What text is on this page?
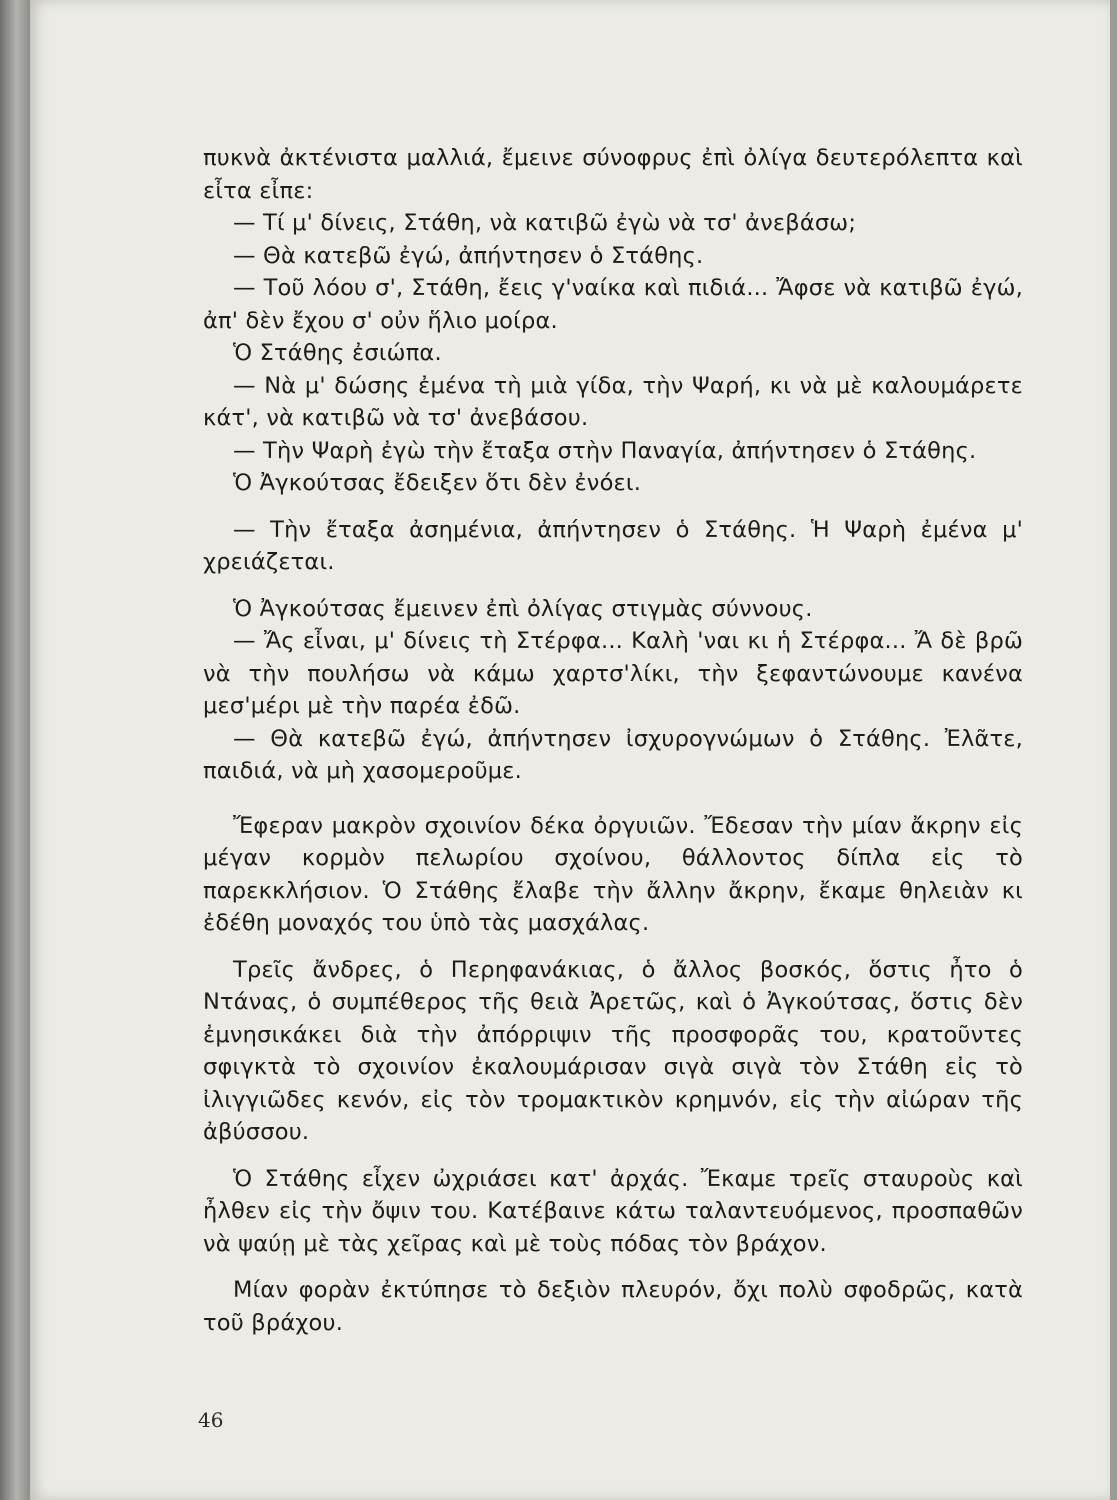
πυκνὰ ἀκτένιστα μαλλιά, ἔμεινε σύνοφρυς ἐπὶ ὀλίγα δευτερόλεπτα καὶ εἶτα εἶπε:

— Τί μ' δίνεις, Στάθη, νὰ κατιβῶ ἐγὼ νὰ τσ' ἀνεβάσω;

— Θὰ κατεβῶ ἐγώ, ἀπήντησεν ὁ Στάθης.

— Τοῦ λόου σ', Στάθη, ἔεις γ'ναίκα καὶ πιδιά... Ἄφσε νὰ κατιβῶ ἐγώ, ἀπ' δὲν ἔχου σ' οὐν ἥλιο μοίρα.

Ὁ Στάθης ἐσιώπα.

— Νὰ μ' δώσης ἐμένα τὴ μιὰ γίδα, τὴν Ψαρή, κι νὰ μὲ καλουμάρετε κάτ', νὰ κατιβῶ νὰ τσ' ἀνεβάσου.

— Τὴν Ψαρὴ ἐγὼ τὴν ἔταξα στὴν Παναγία, ἀπήντησεν ὁ Στάθης.

Ὁ Ἀγκούτσας ἔδειξεν ὅτι δὲν ἐνόει.

— Τὴν ἔταξα ἀσημένια, ἀπήντησεν ὁ Στάθης. Ἡ Ψαρὴ ἐμένα μ' χρειάζεται.

Ὁ Ἀγκούτσας ἔμεινεν ἐπὶ ὀλίγας στιγμὰς σύννους.

— Ἄς εἶναι, μ' δίνεις τὴ Στέρφα... Καλὴ 'ναι κι ἡ Στέρφα... Ἄ δὲ βρῶ νὰ τὴν πουλήσω νὰ κάμω χαρτσ'λίκι, τὴν ξεφαντώνουμε κανένα μεσ'μέρι μὲ τὴν παρέα ἐδῶ.

— Θὰ κατεβῶ ἐγώ, ἀπήντησεν ἰσχυρογνώμων ὁ Στάθης. Ἐλᾶτε, παιδιά, νὰ μὴ χασομεροῦμε.

Ἔφεραν μακρὸν σχοινίον δέκα ὀργυιῶν. Ἔδεσαν τὴν μίαν ἄκρην εἰς μέγαν κορμὸν πελωρίου σχοίνου, θάλλοντος δίπλα εἰς τὸ παρεκκλήσιον. Ὁ Στάθης ἔλαβε τὴν ἄλλην ἄκρην, ἔκαμε θηλειὰν κι ἐδέθη μοναχός του ὑπὸ τὰς μασχάλας.

Τρεῖς ἄνδρες, ὁ Περηφανάκιας, ὁ ἄλλος βοσκός, ὅστις ἦτο ὁ Ντάνας, ὁ συμπέθερος τῆς θειὰ Ἀρετῶς, καὶ ὁ Ἀγκούτσας, ὅστις δὲν ἐμνησικάκει διὰ τὴν ἀπόρριψιν τῆς προσφορᾶς του, κρατοῦντες σφιγκτὰ τὸ σχοινίον ἐκαλουμάρισαν σιγὰ σιγὰ τὸν Στάθη εἰς τὸ ἰλιγγιῶδες κενόν, εἰς τὸν τρομακτικὸν κρημνόν, εἰς τὴν αἰώραν τῆς ἀβύσσου.

Ὁ Στάθης εἶχεν ὠχριάσει κατ' ἀρχάς. Ἔκαμε τρεῖς σταυροὺς καὶ ἦλθεν εἰς τὴν ὄψιν του. Κατέβαινε κάτω ταλαντευόμενος, προσπαθῶν νὰ ψαύῃ μὲ τὰς χεῖρας καὶ μὲ τοὺς πόδας τὸν βράχον.

Μίαν φορὰν ἐκτύπησε τὸ δεξιὸν πλευρόν, ὄχι πολὺ σφοδρῶς, κατὰ τοῦ βράχου.

46
